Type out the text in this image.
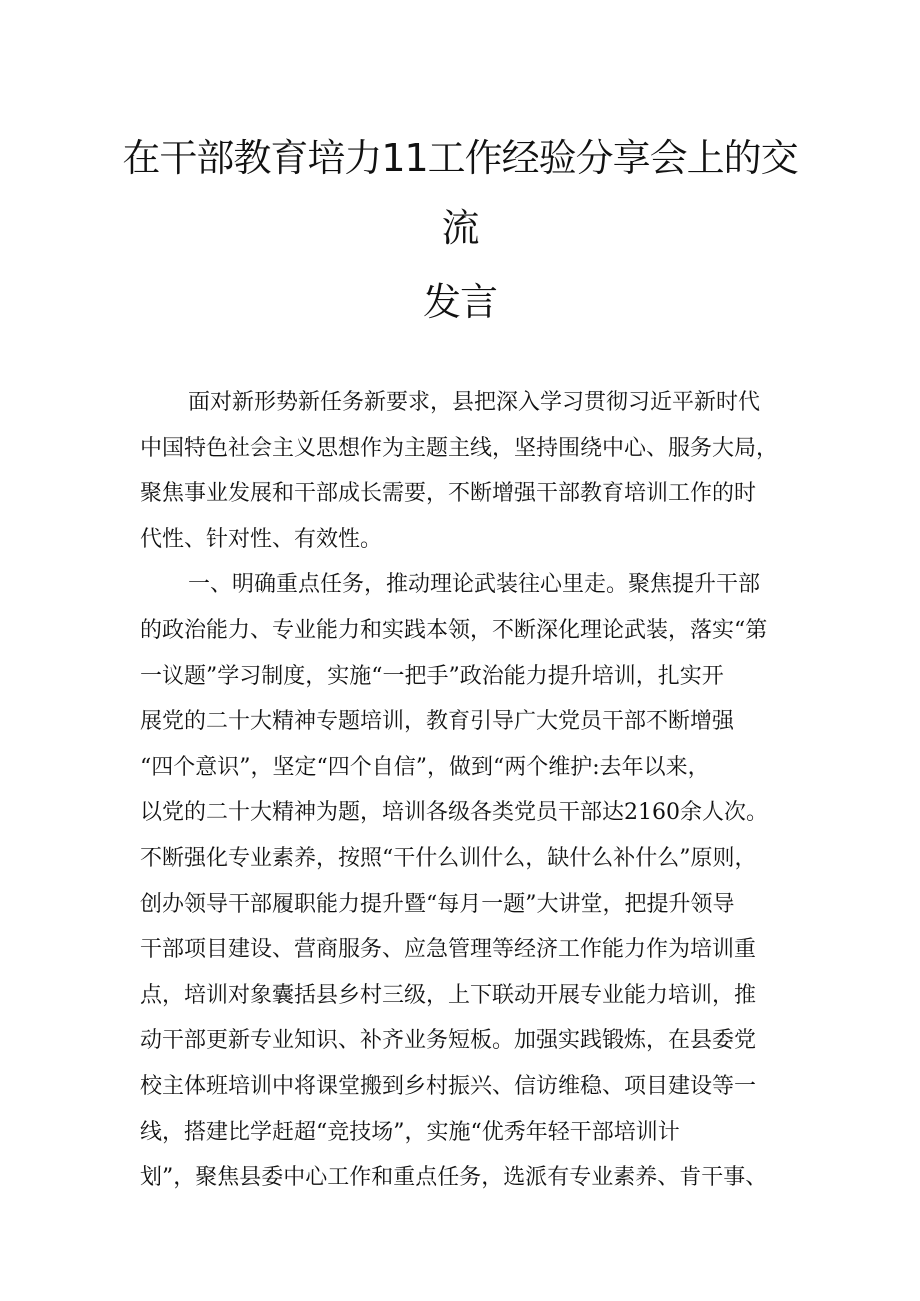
在干部教育培力11工作经验分享会上的交
流
发言
面对新形势新任务新要求，县把深入学习贯彻习近平新时代
中国特色社会主义思想作为主题主线，坚持围绕中心、服务大局，
聚焦事业发展和干部成长需要，不断增强干部教育培训工作的时
代性、针对性、有效性。
一、明确重点任务，推动理论武装往心里走。聚焦提升干部
的政治能力、专业能力和实践本领，不断深化理论武装，落实“第
一议题”学习制度，实施“一把手”政治能力提升培训，扎实开
展党的二十大精神专题培训，教育引导广大党员干部不断增强
“四个意识”，坚定“四个自信”，做到“两个维护:去年以来，
以党的二十大精神为题，培训各级各类党员干部达2160余人次。
不断强化专业素养，按照“干什么训什么，缺什么补什么”原则，
创办领导干部履职能力提升暨“每月一题”大讲堂，把提升领导
干部项目建设、营商服务、应急管理等经济工作能力作为培训重
点，培训对象囊括县乡村三级，上下联动开展专业能力培训，推
动干部更新专业知识、补齐业务短板。加强实践锻炼，在县委党
校主体班培训中将课堂搬到乡村振兴、信访维稳、项目建设等一
线，搭建比学赶超“竞技场”，实施“优秀年轻干部培训计
划”，聚焦县委中心工作和重点任务，选派有专业素养、肯干事、
